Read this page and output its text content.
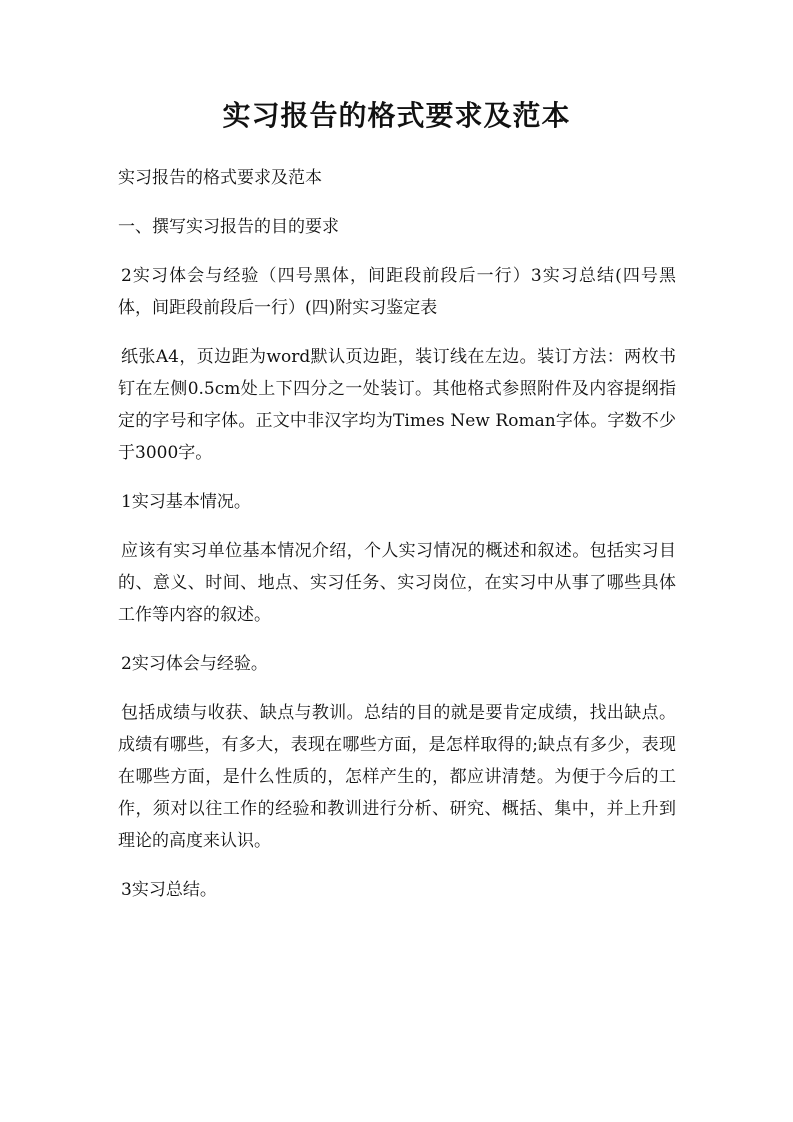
实习报告的格式要求及范本

实习报告的格式要求及范本

一、撰写实习报告的目的要求

2实习体会与经验（四号黑体，间距段前段后一行）3实习总结(四号黑体，间距段前段后一行）(四)附实习鉴定表

纸张A4，页边距为word默认页边距，装订线在左边。装订方法：两枚书钉在左侧0.5cm处上下四分之一处装订。其他格式参照附件及内容提纲指定的字号和字体。正文中非汉字均为Times New Roman字体。字数不少于3000字。

1实习基本情况。

应该有实习单位基本情况介绍，个人实习情况的概述和叙述。包括实习目的、意义、时间、地点、实习任务、实习岗位，在实习中从事了哪些具体工作等内容的叙述。

2实习体会与经验。

包括成绩与收获、缺点与教训。总结的目的就是要肯定成绩，找出缺点。成绩有哪些，有多大，表现在哪些方面，是怎样取得的;缺点有多少，表现在哪些方面，是什么性质的，怎样产生的，都应讲清楚。为便于今后的工作，须对以往工作的经验和教训进行分析、研究、概括、集中，并上升到理论的高度来认识。

3实习总结。
